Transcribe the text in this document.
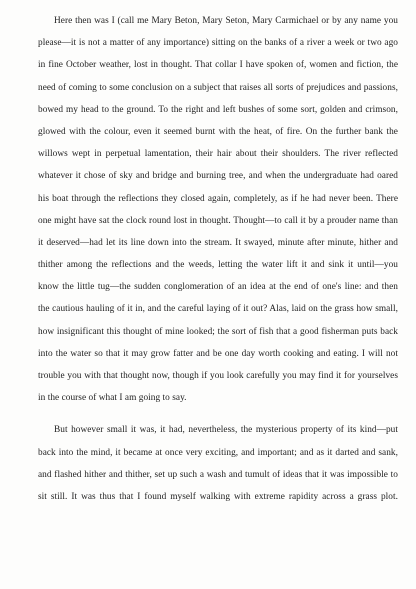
Here then was I (call me Mary Beton, Mary Seton, Mary Carmichael or by any name you
please—it is not a matter of any importance) sitting on the banks of a river a week or two ago
in fine October weather, lost in thought. That collar I have spoken of, women and fiction, the
need of coming to some conclusion on a subject that raises all sorts of prejudices and passions,
bowed my head to the ground. To the right and left bushes of some sort, golden and crimson,
glowed with the colour, even it seemed burnt with the heat, of fire. On the further bank the
willows wept in perpetual lamentation, their hair about their shoulders. The river reflected
whatever it chose of sky and bridge and burning tree, and when the undergraduate had oared
his boat through the reflections they closed again, completely, as if he had never been. There
one might have sat the clock round lost in thought. Thought—to call it by a prouder name than
it deserved—had let its line down into the stream. It swayed, minute after minute, hither and
thither among the reflections and the weeds, letting the water lift it and sink it until—you
know the little tug—the sudden conglomeration of an idea at the end of one's line: and then
the cautious hauling of it in, and the careful laying of it out? Alas, laid on the grass how small,
how insignificant this thought of mine looked; the sort of fish that a good fisherman puts back
into the water so that it may grow fatter and be one day worth cooking and eating. I will not
trouble you with that thought now, though if you look carefully you may find it for yourselves
in the course of what I am going to say.
But however small it was, it had, nevertheless, the mysterious property of its kind—put
back into the mind, it became at once very exciting, and important; and as it darted and sank,
and flashed hither and thither, set up such a wash and tumult of ideas that it was impossible to
sit still. It was thus that I found myself walking with extreme rapidity across a grass plot.
